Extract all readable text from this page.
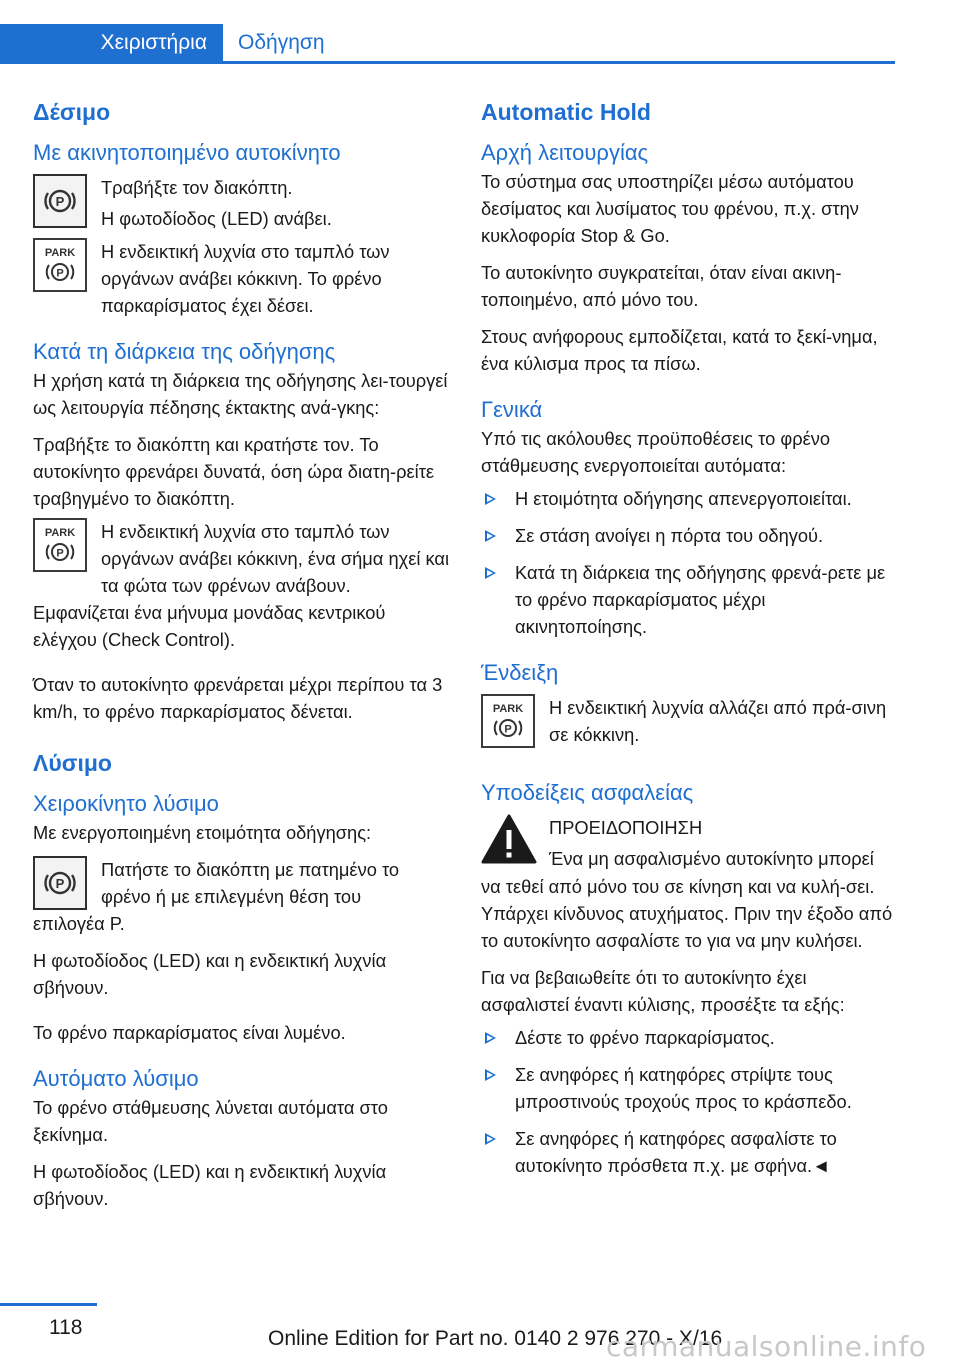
Χειριστήρια Οδήγηση
Δέσιμο
Με ακινητοποιημένο αυτοκίνητο
P

Τραβήξτε τον διακόπτη.

Η φωτοδίοδος (LED) ανάβει.

PARK
P

Η ενδεικτική λυχνία στο ταμπλό των οργάνων ανάβει κόκκινη. Το φρένο παρκαρίσματος έχει δέσει.

Κατά τη διάρκεια της οδήγησης

Η χρήση κατά τη διάρκεια της οδήγησης λει-τουργεί ως λειτουργία πέδησης έκτακτης ανά-γκης:

Τραβήξτε το διακόπτη και κρατήστε τον. Το αυτοκίνητο φρενάρει δυνατά, όση ώρα διατη-ρείτε τραβηγμένο το διακόπτη.

PARK
P

Η ενδεικτική λυχνία στο ταμπλό των οργάνων ανάβει κόκκινη, ένα σήμα ηχεί και τα φώτα των φρένων ανάβουν.

Εμφανίζεται ένα μήνυμα μονάδας κεντρικού ελέγχου (Check Control).

Όταν το αυτοκίνητο φρενάρεται μέχρι περίπου τα 3 km/h, το φρένο παρκαρίσματος δένεται.

Λύσιμο
Χειροκίνητο λύσιμο

Με ενεργοποιημένη ετοιμότητα οδήγησης:

P

Πατήστε το διακόπτη με πατημένο το φρένο ή με επιλεγμένη θέση του

επιλογέα P.

Η φωτοδίοδος (LED) και η ενδεικτική λυχνία σβήνουν.

Το φρένο παρκαρίσματος είναι λυμένο.

Αυτόματο λύσιμο

Το φρένο στάθμευσης λύνεται αυτόματα στο ξεκίνημα.

Η φωτοδίοδος (LED) και η ενδεικτική λυχνία σβήνουν.

Automatic Hold
Αρχή λειτουργίας

Το σύστημα σας υποστηρίζει μέσω αυτόματου δεσίματος και λυσίματος του φρένου, π.χ. στην κυκλοφορία Stop & Go.

Το αυτοκίνητο συγκρατείται, όταν είναι ακινη-τοποιημένο, από μόνο του.

Στους ανήφορους εμποδίζεται, κατά το ξεκί-νημα, ένα κύλισμα προς τα πίσω.

Γενικά

Υπό τις ακόλουθες προϋποθέσεις το φρένο στάθμευσης ενεργοποιείται αυτόματα:

Η ετοιμότητα οδήγησης απενεργοποιείται.
Σε στάση ανοίγει η πόρτα του οδηγού.
Κατά τη διάρκεια της οδήγησης φρενά-ρετε με το φρένο παρκαρίσματος μέχρι ακινητοποίησης.
Ένδειξη
PARK
P

Η ενδεικτική λυχνία αλλάζει από πρά-σινη σε κόκκινη.

Υποδείξεις ασφαλείας

ΠΡΟΕΙΔΟΠΟΙΗΣΗ

Ένα μη ασφαλισμένο αυτοκίνητο μπορεί

να τεθεί από μόνο του σε κίνηση και να κυλή-σει. Υπάρχει κίνδυνος ατυχήματος. Πριν την έξοδο από το αυτοκίνητο ασφαλίστε το για να μην κυλήσει.

Για να βεβαιωθείτε ότι το αυτοκίνητο έχει ασφαλιστεί έναντι κύλισης, προσέξτε τα εξής:

Δέστε το φρένο παρκαρίσματος.
Σε ανηφόρες ή κατηφόρες στρίψτε τους μπροστινούς τροχούς προς το κράσπεδο.
Σε ανηφόρες ή κατηφόρες ασφαλίστε το αυτοκίνητο πρόσθετα π.χ. με σφήνα.◄
118	Online Edition for Part no. 0140 2 976 270 - X/16
carmanualsonline.info
